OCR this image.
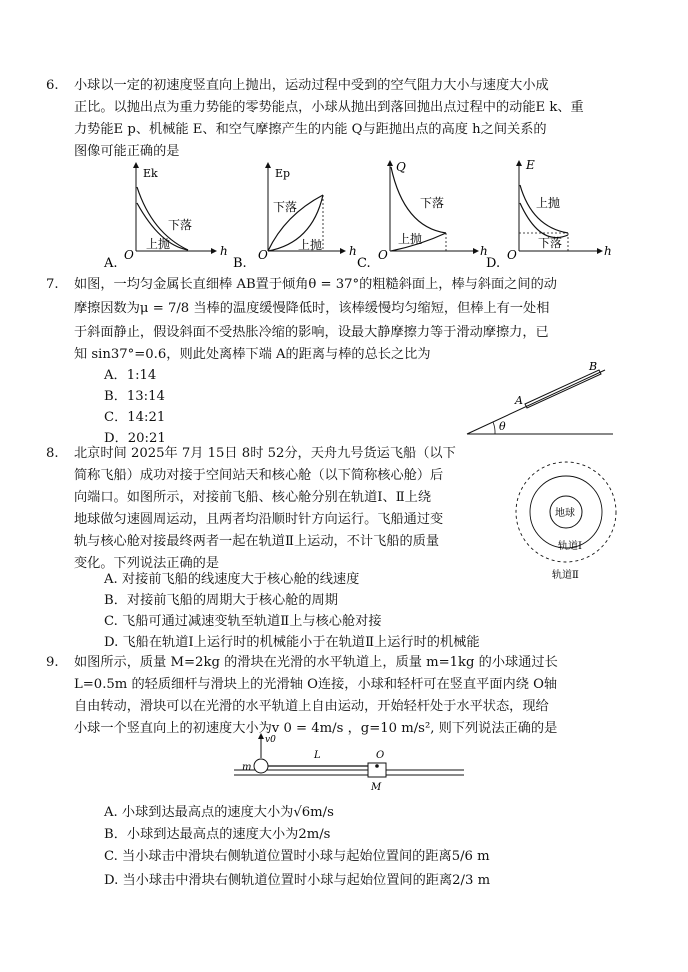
6. 小球以一定的初速度竖直向上抛出，运动过程中受到的空气阻力大小与速度大小成
正比。以抛出点为重力势能的零势能点，小球从抛出到落回抛出点过程中的动能E k、重
力势能E p、机械能 E、和空气摩擦产生的内能 Q与距抛出点的高度 h之间关系的
图像可能正确的是
Ek
下落
上抛
O	h
A.
Ep
下落
上抛
O	h
B.
Q
下落
上抛
O	h
C.
E
上抛
下落
O	h
D.
7. 如图，一均匀金属长直细棒 AB置于倾角θ = 37°的粗糙斜面上，棒与斜面之间的动
摩擦因数为μ = 7/8 当棒的温度缓慢降低时，该棒缓慢均匀缩短，但棒上有一处相
于斜面静止，假设斜面不受热胀冷缩的影响，设最大静摩擦力等于滑动摩擦力，已
知 sin37°=0.6，则此处离棒下端 A的距离与棒的总长之比为
A．1:14
B．13:14
C．14:21
D．20:21
θ
A
B
8. 北京时间 2025年 7月 15日 8时 52分，天舟九号货运飞船（以下
简称飞船）成功对接于空间站天和核心舱（以下简称核心舱）后
向端口。如图所示，对接前飞船、核心舱分别在轨道Ⅰ、Ⅱ上绕
地球做匀速圆周运动，且两者均沿顺时针方向运行。飞船通过变
轨与核心舱对接最终两者一起在轨道Ⅱ上运动，不计飞船的质量
变化。下列说法正确的是
A. 对接前飞船的线速度大于核心舱的线速度
B．对接前飞船的周期大于核心舱的周期
C. 飞船可通过减速变轨至轨道Ⅱ上与核心舱对接
D. 飞船在轨道Ⅰ上运行时的机械能小于在轨道Ⅱ上运行时的机械能
地球
轨道Ⅰ
轨道Ⅱ
9. 如图所示，质量 M=2kg 的滑块在光滑的水平轨道上，质量 m=1kg 的小球通过长
L=0.5m 的轻质细杆与滑块上的光滑轴 O连接，小球和轻杆可在竖直平面内绕 O轴
自由转动，滑块可以在光滑的水平轨道上自由运动，开始轻杆处于水平状态，现给
小球一个竖直向上的初速度大小为v 0 = 4m/s ，g=10 m/s², 则下列说法正确的是
v0
m
L	O
M
A. 小球到达最高点的速度大小为√6m/s
B．小球到达最高点的速度大小为2m/s
C. 当小球击中滑块右侧轨道位置时小球与起始位置间的距离5/6 m
D. 当小球击中滑块右侧轨道位置时小球与起始位置间的距离2/3 m
